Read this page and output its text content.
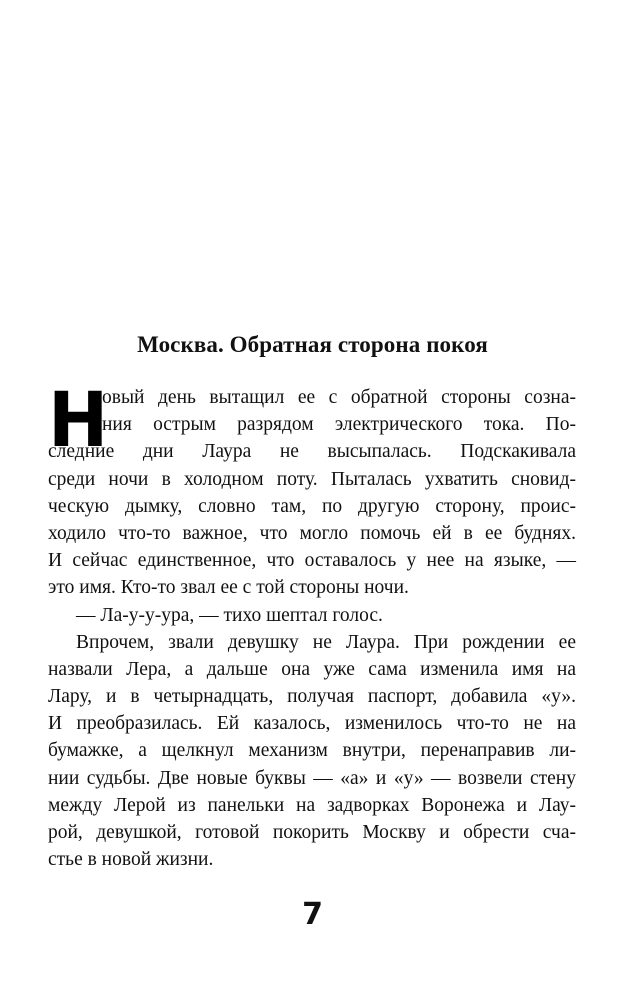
Москва. Обратная сторона покоя
Н
овый день вытащил ее с обратной стороны созна-
ния острым разрядом электрического тока. По-
следние дни Лаура не высыпалась. Подскакивала
среди ночи в холодном поту. Пыталась ухватить сновид-
ческую дымку, словно там, по другую сторону, проис-
ходило что-то важное, что могло помочь ей в ее буднях.
И сейчас единственное, что оставалось у нее на языке, —
это имя. Кто-то звал ее с той стороны ночи.
— Ла-у-у-ура, — тихо шептал голос.
Впрочем, звали девушку не Лаура. При рождении ее
назвали Лера, а дальше она уже сама изменила имя на
Лару, и в четырнадцать, получая паспорт, добавила «у».
И преобразилась. Ей казалось, изменилось что-то не на
бумажке, а щелкнул механизм внутри, перенаправив ли-
нии судьбы. Две новые буквы — «а» и «у» — возвели стену
между Лерой из панельки на задворках Воронежа и Лау-
рой, девушкой, готовой покорить Москву и обрести сча-
стье в новой жизни.
7
